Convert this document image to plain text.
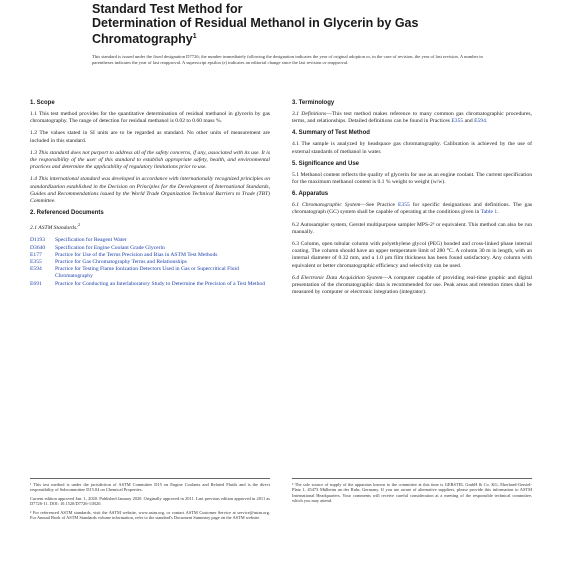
Standard Test Method for
Determination of Residual Methanol in Glycerin by Gas Chromatography$^1$
This standard is issued under the fixed designation D7726; the number immediately following the designation indicates the year of original adoption or, in the case of revision, the year of last revision. A number in parentheses indicates the year of last reapproval. A superscript epsilon (ε) indicates an editorial change since the last revision or reapproval.
1. Scope
1.1 This test method provides for the quantitative determination of residual methanol in glycerin by gas chromatography. The range of detection for residual methanol is 0.02 to 0.60 mass %.
1.2 The values stated in SI units are to be regarded as standard. No other units of measurement are included in this standard.
1.3 This standard does not purport to address all of the safety concerns, if any, associated with its use. It is the responsibility of the user of this standard to establish appropriate safety, health, and environmental practices and determine the applicability of regulatory limitations prior to use.
1.4 This international standard was developed in accordance with internationally recognized principles on standardization established in the Decision on Principles for the Development of International Standards, Guides and Recommendations issued by the World Trade Organization Technical Barriers to Trade (TBT) Committee.
2. Referenced Documents
2.1 ASTM Standards:$^2$
D1193	Specification for Reagent Water
D3640	Specification for Engine Coolant Grade Glycerin
E177	Practice for Use of the Terms Precision and Bias in ASTM Test Methods
E355	Practice for Gas Chromatography Terms and Relationships
E594	Practice for Testing Flame Ionization Detectors Used in Gas or Supercritical Fluid Chromatography
E691	Practice for Conducting an Interlaboratory Study to Determine the Precision of a Test Method
¹ This test method is under the jurisdiction of ASTM Committee D15 on Engine Coolants and Related Fluids and is the direct responsibility of Subcommittee D15.04 on Chemical Properties.
Current edition approved Jan. 1, 2020. Published January 2020. Originally approved in 2011. Last previous edition approved in 2011 as D7726-11. DOI: 10.1520/D7726-11R20.
² For referenced ASTM standards, visit the ASTM website, www.astm.org, or contact ASTM Customer Service at service@astm.org. For Annual Book of ASTM Standards volume information, refer to the standard's Document Summary page on the ASTM website.
3. Terminology
3.1 Definitions—This test method makes reference to many common gas chromatographic procedures, terms, and relationships. Detailed definitions can be found in Practices E355 and E594.
4. Summary of Test Method
4.1 The sample is analyzed by headspace gas chromatography. Calibration is achieved by the use of external standards of methanol in water.
5. Significance and Use
5.1 Methanol content reflects the quality of glycerin for use as an engine coolant. The current specification for the maximum methanol content is 0.1 % weight to weight (w/w).
6. Apparatus
6.1 Chromatographic System—See Practice E355 for specific designations and definitions. The gas chromatograph (GC) system shall be capable of operating at the conditions given in Table 1.
6.2 Autosampler system, Gerstel multipurpose sampler MPS-2³ or equivalent. This method can also be run manually.
6.3 Column, open tubular column with polyethylene glycol (PEG) bonded and cross-linked phase internal coating. The column should have an upper temperature limit of 280 °C. A column 30 m in length, with an internal diameter of 0.32 mm, and a 1.0 µm film thickness has been found satisfactory. Any column with equivalent or better chromatographic efficiency and selectivity can be used.
6.4 Electronic Data Acquisition System—A computer capable of providing real-time graphic and digital presentation of the chromatographic data is recommended for use. Peak areas and retention times shall be measured by computer or electronic integration (integrator).
³ The sole source of supply of the apparatus known to the committee at this time is GERSTEL GmbH & Co. KG, Eberhard-Gerstel-Platz 1, 45473 Mülheim an der Ruhr, Germany. If you are aware of alternative suppliers, please provide this information to ASTM International Headquarters. Your comments will receive careful consideration at a meeting of the responsible technical committee, which you may attend.
